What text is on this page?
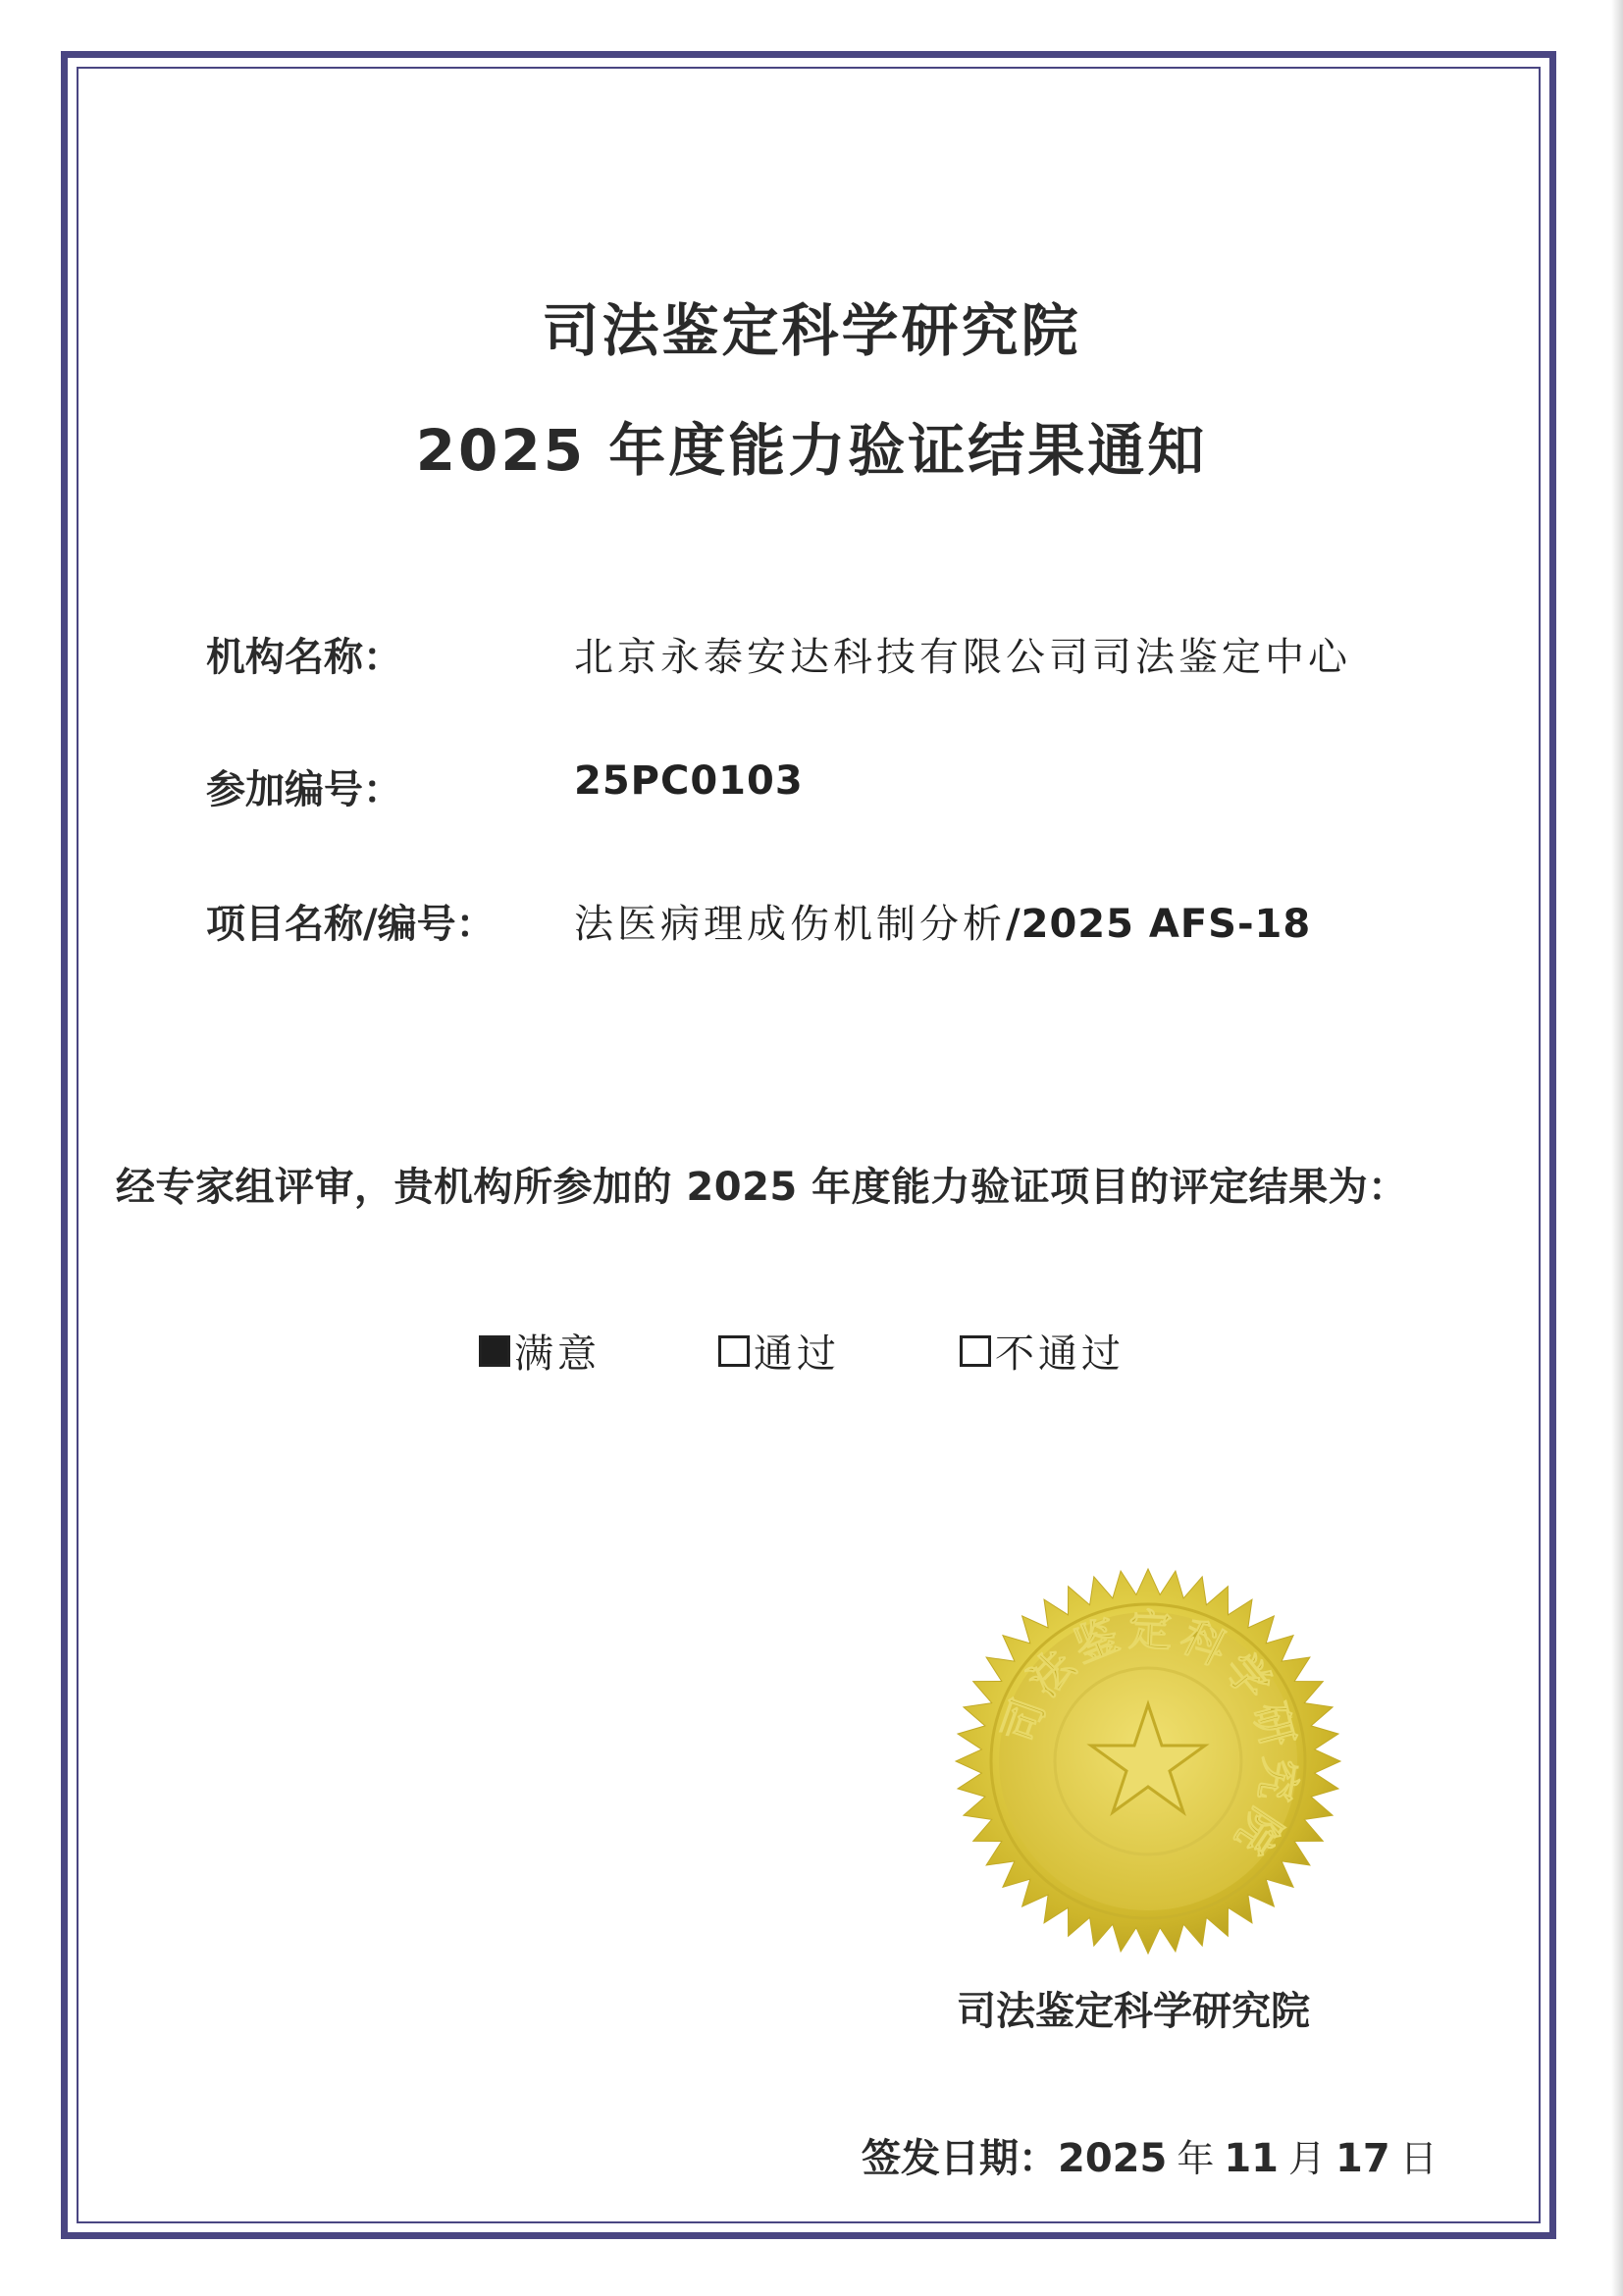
司法鉴定科学研究院
2025 年度能力验证结果通知
机构名称：	北京永泰安达科技有限公司司法鉴定中心
参加编号：	25PC0103
项目名称/编号： 法医病理成伤机制分析/2025 AFS-18
经专家组评审，贵机构所参加的 2025 年度能力验证项目的评定结果为：
满意	通过	不通过
司法鉴定科学研究院
司法鉴定科学研究院
签发日期：2025 年 11 月 17 日
